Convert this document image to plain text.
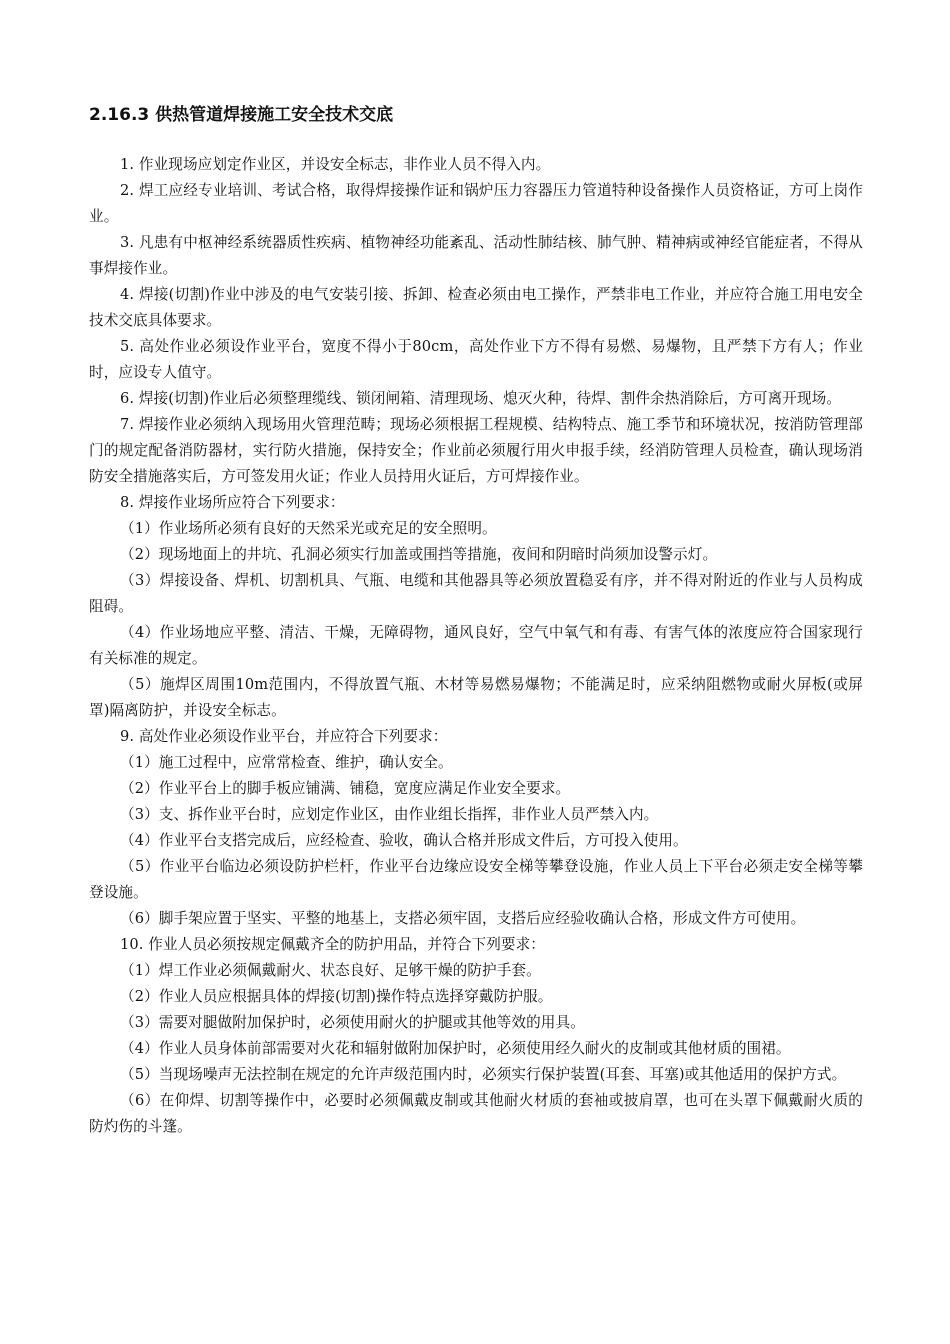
2.16.3 供热管道焊接施工安全技术交底

1. 作业现场应划定作业区，并设安全标志，非作业人员不得入内。

2. 焊工应经专业培训、考试合格，取得焊接操作证和锅炉压力容器压力管道特种设备操作人员资格证，方可上岗作业。

3. 凡患有中枢神经系统器质性疾病、植物神经功能紊乱、活动性肺结核、肺气肿、精神病或神经官能症者，不得从事焊接作业。

4. 焊接(切割)作业中涉及的电气安装引接、拆卸、检查必须由电工操作，严禁非电工作业，并应符合施工用电安全技术交底具体要求。

5. 高处作业必须设作业平台，宽度不得小于80cm，高处作业下方不得有易燃、易爆物，且严禁下方有人；作业时，应设专人值守。

6. 焊接(切割)作业后必须整理缆线、锁闭闸箱、清理现场、熄灭火种，待焊、割件余热消除后，方可离开现场。

7. 焊接作业必须纳入现场用火管理范畴；现场必须根据工程规模、结构特点、施工季节和环境状况，按消防管理部门的规定配备消防器材，实行防火措施，保持安全；作业前必须履行用火申报手续，经消防管理人员检查，确认现场消防安全措施落实后，方可签发用火证；作业人员持用火证后，方可焊接作业。

8. 焊接作业场所应符合下列要求：

（1）作业场所必须有良好的天然采光或充足的安全照明。

（2）现场地面上的井坑、孔洞必须实行加盖或围挡等措施，夜间和阴暗时尚须加设警示灯。

（3）焊接设备、焊机、切割机具、气瓶、电缆和其他器具等必须放置稳妥有序，并不得对附近的作业与人员构成阻碍。

（4）作业场地应平整、清洁、干燥，无障碍物，通风良好，空气中氧气和有毒、有害气体的浓度应符合国家现行有关标准的规定。

（5）施焊区周围10m范围内，不得放置气瓶、木材等易燃易爆物；不能满足时，应采纳阻燃物或耐火屏板(或屏罩)隔离防护，并设安全标志。

9. 高处作业必须设作业平台，并应符合下列要求：

（1）施工过程中，应常常检查、维护，确认安全。

（2）作业平台上的脚手板应铺满、铺稳，宽度应满足作业安全要求。

（3）支、拆作业平台时，应划定作业区，由作业组长指挥，非作业人员严禁入内。

（4）作业平台支搭完成后，应经检查、验收，确认合格并形成文件后，方可投入使用。

（5）作业平台临边必须设防护栏杆，作业平台边缘应设安全梯等攀登设施，作业人员上下平台必须走安全梯等攀登设施。

（6）脚手架应置于坚实、平整的地基上，支搭必须牢固，支搭后应经验收确认合格，形成文件方可使用。

10. 作业人员必须按规定佩戴齐全的防护用品，并符合下列要求：

（1）焊工作业必须佩戴耐火、状态良好、足够干燥的防护手套。

（2）作业人员应根据具体的焊接(切割)操作特点选择穿戴防护服。

（3）需要对腿做附加保护时，必须使用耐火的护腿或其他等效的用具。

（4）作业人员身体前部需要对火花和辐射做附加保护时，必须使用经久耐火的皮制或其他材质的围裙。

（5）当现场噪声无法控制在规定的允许声级范围内时，必须实行保护装置(耳套、耳塞)或其他适用的保护方式。

（6）在仰焊、切割等操作中，必要时必须佩戴皮制或其他耐火材质的套袖或披肩罩，也可在头罩下佩戴耐火质的防灼伤的斗篷。
